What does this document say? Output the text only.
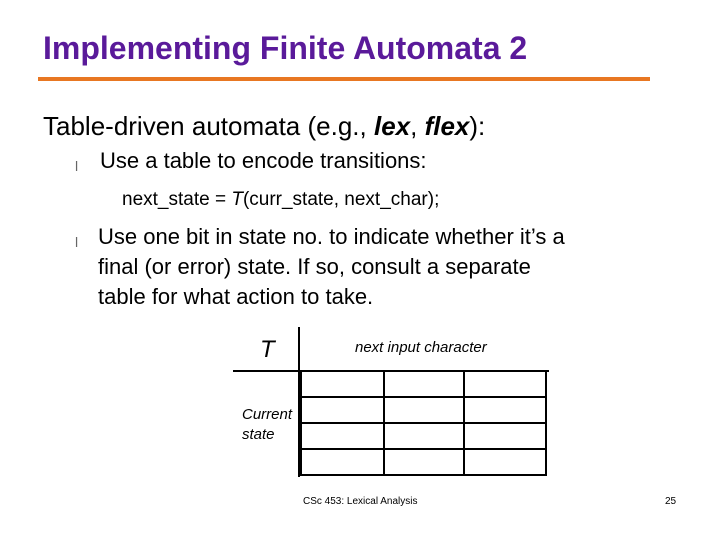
Implementing Finite Automata 2
Table-driven automata (e.g., lex, flex):
l Use a table to encode transitions:
next_state = T(curr_state, next_char);
l Use one bit in state no. to indicate whether it’s a
final (or error) state. If so, consult a separate
table for what action to take.
T	next input character
Current
state
CSc 453: Lexical Analysis	25
